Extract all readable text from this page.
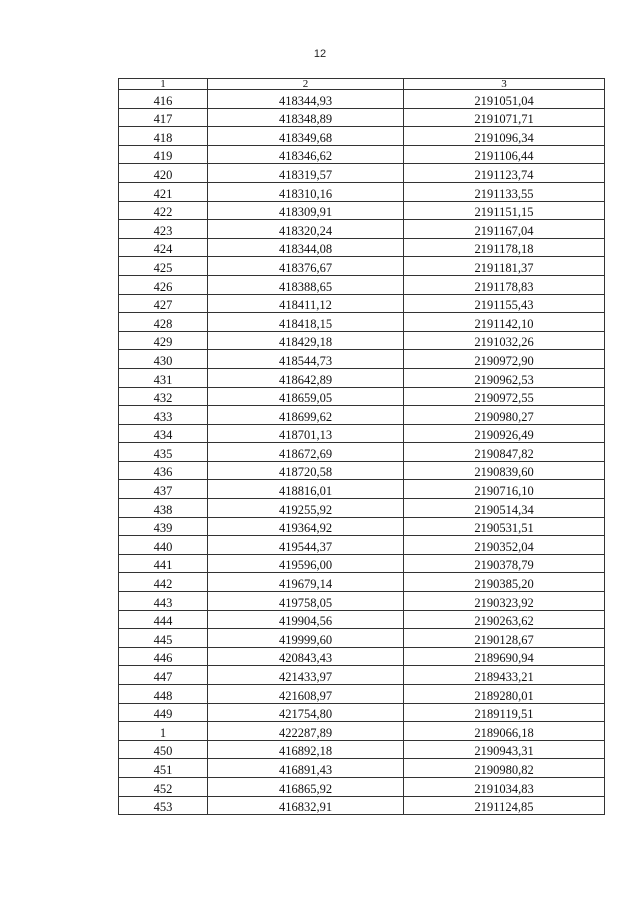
12
1	2	3
416	418344,93	2191051,04
417	418348,89	2191071,71
418	418349,68	2191096,34
419	418346,62	2191106,44
420	418319,57	2191123,74
421	418310,16	2191133,55
422	418309,91	2191151,15
423	418320,24	2191167,04
424	418344,08	2191178,18
425	418376,67	2191181,37
426	418388,65	2191178,83
427	418411,12	2191155,43
428	418418,15	2191142,10
429	418429,18	2191032,26
430	418544,73	2190972,90
431	418642,89	2190962,53
432	418659,05	2190972,55
433	418699,62	2190980,27
434	418701,13	2190926,49
435	418672,69	2190847,82
436	418720,58	2190839,60
437	418816,01	2190716,10
438	419255,92	2190514,34
439	419364,92	2190531,51
440	419544,37	2190352,04
441	419596,00	2190378,79
442	419679,14	2190385,20
443	419758,05	2190323,92
444	419904,56	2190263,62
445	419999,60	2190128,67
446	420843,43	2189690,94
447	421433,97	2189433,21
448	421608,97	2189280,01
449	421754,80	2189119,51
1	422287,89	2189066,18
450	416892,18	2190943,31
451	416891,43	2190980,82
452	416865,92	2191034,83
453	416832,91	2191124,85
